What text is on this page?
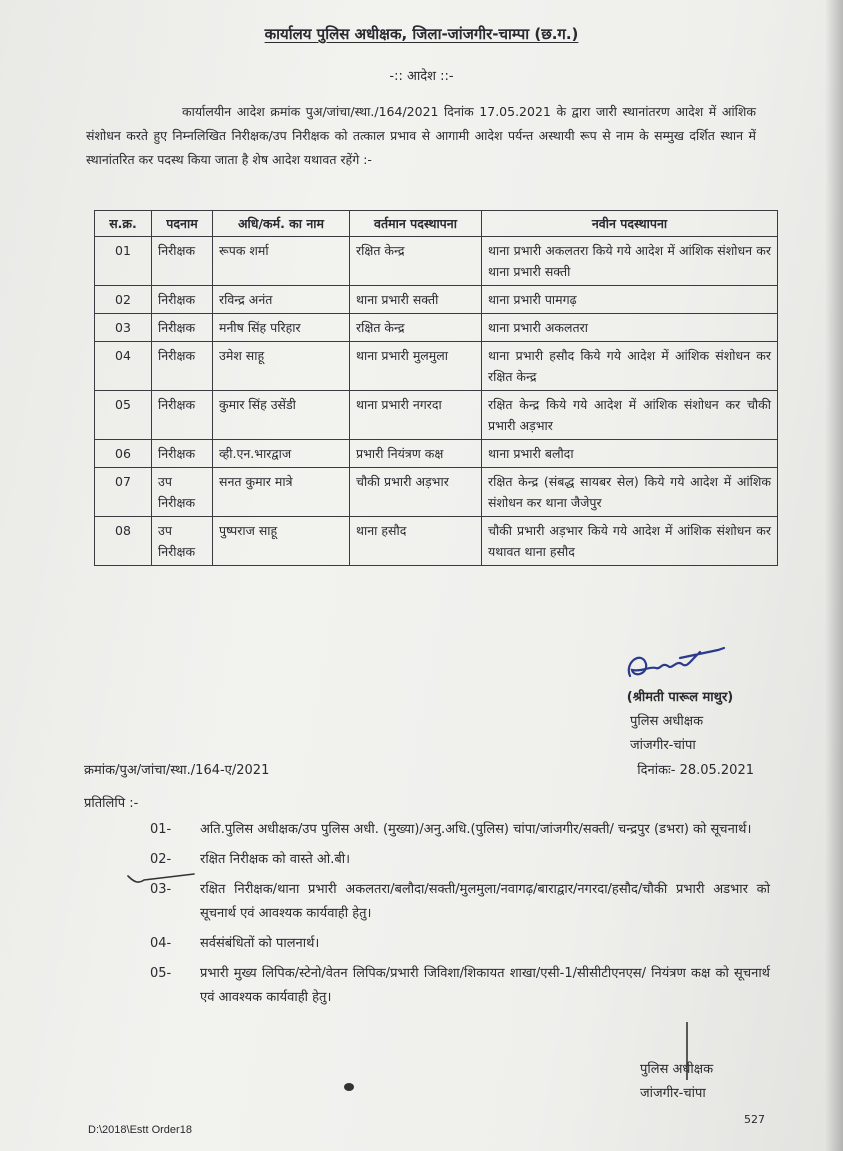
कार्यालय पुलिस अधीक्षक, जिला-जांजगीर-चाम्पा (छ.ग.)
-:: आदेश ::-
कार्यालयीन आदेश क्रमांक पुअ/जांचा/स्था./164/2021 दिनांक 17.05.2021 के द्वारा जारी स्थानांतरण आदेश में आंशिक संशोधन करते हुए निम्नलिखित निरीक्षक/उप निरीक्षक को तत्काल प्रभाव से आगामी आदेश पर्यन्त अस्थायी रूप से नाम के सम्मुख दर्शित स्थान में स्थानांतरित कर पदस्थ किया जाता है शेष आदेश यथावत रहेंगे :-
स.क्र.	पदनाम	अधि/कर्म. का नाम	वर्तमान पदस्थापना	नवीन पदस्थापना
01	निरीक्षक	रूपक शर्मा	रक्षित केन्द्र	थाना प्रभारी अकलतरा किये गये आदेश में आंशिक संशोधन कर थाना प्रभारी सक्ती
02	निरीक्षक	रविन्द्र अनंत	थाना प्रभारी सक्ती	थाना प्रभारी पामगढ़
03	निरीक्षक	मनीष सिंह परिहार	रक्षित केन्द्र	थाना प्रभारी अकलतरा
04	निरीक्षक	उमेश साहू	थाना प्रभारी मुलमुला	थाना प्रभारी हसौद किये गये आदेश में आंशिक संशोधन कर रक्षित केन्द्र
05	निरीक्षक	कुमार सिंह उसेंडी	थाना प्रभारी नगरदा	रक्षित केन्द्र किये गये आदेश में आंशिक संशोधन कर चौकी प्रभारी अड़भार
06	निरीक्षक	व्ही.एन.भारद्वाज	प्रभारी नियंत्रण कक्ष	थाना प्रभारी बलौदा
07	उप निरीक्षक	सनत कुमार मात्रे	चौकी प्रभारी अड़भार	रक्षित केन्द्र (संबद्ध सायबर सेल) किये गये आदेश में आंशिक संशोधन कर थाना जैजेपुर
08	उप निरीक्षक	पुष्पराज साहू	थाना हसौद	चौकी प्रभारी अड़भार किये गये आदेश में आंशिक संशोधन कर यथावत थाना हसौद
(श्रीमती पारूल माथुर)
पुलिस अधीक्षक
जांजगीर-चांपा
क्रमांक/पुअ/जांचा/स्था./164-ए/2021	दिनांकः- 28.05.2021
प्रतिलिपि :-
01-	अति.पुलिस अधीक्षक/उप पुलिस अधी. (मुख्या)/अनु.अधि.(पुलिस) चांपा/जांजगीर/सक्ती/ चन्द्रपुर (डभरा) को सूचनार्थ।
02-	रक्षित निरीक्षक को वास्ते ओ.बी।
03-	रक्षित निरीक्षक/थाना प्रभारी अकलतरा/बलौदा/सक्ती/मुलमुला/नवागढ़/बाराद्वार/नगरदा/हसौद/चौकी प्रभारी अडभार को सूचनार्थ एवं आवश्यक कार्यवाही हेतु।
04-	सर्वसंबंधितों को पालनार्थ।
05-	प्रभारी मुख्य लिपिक/स्टेनो/वेतन लिपिक/प्रभारी जिविशा/शिकायत शाखा/एसी-1/सीसीटीएनएस/ नियंत्रण कक्ष को सूचनार्थ एवं आवश्यक कार्यवाही हेतु।
पुलिस अधीक्षक
जांजगीर-चांपा
527
D:\2018\Estt Order18
